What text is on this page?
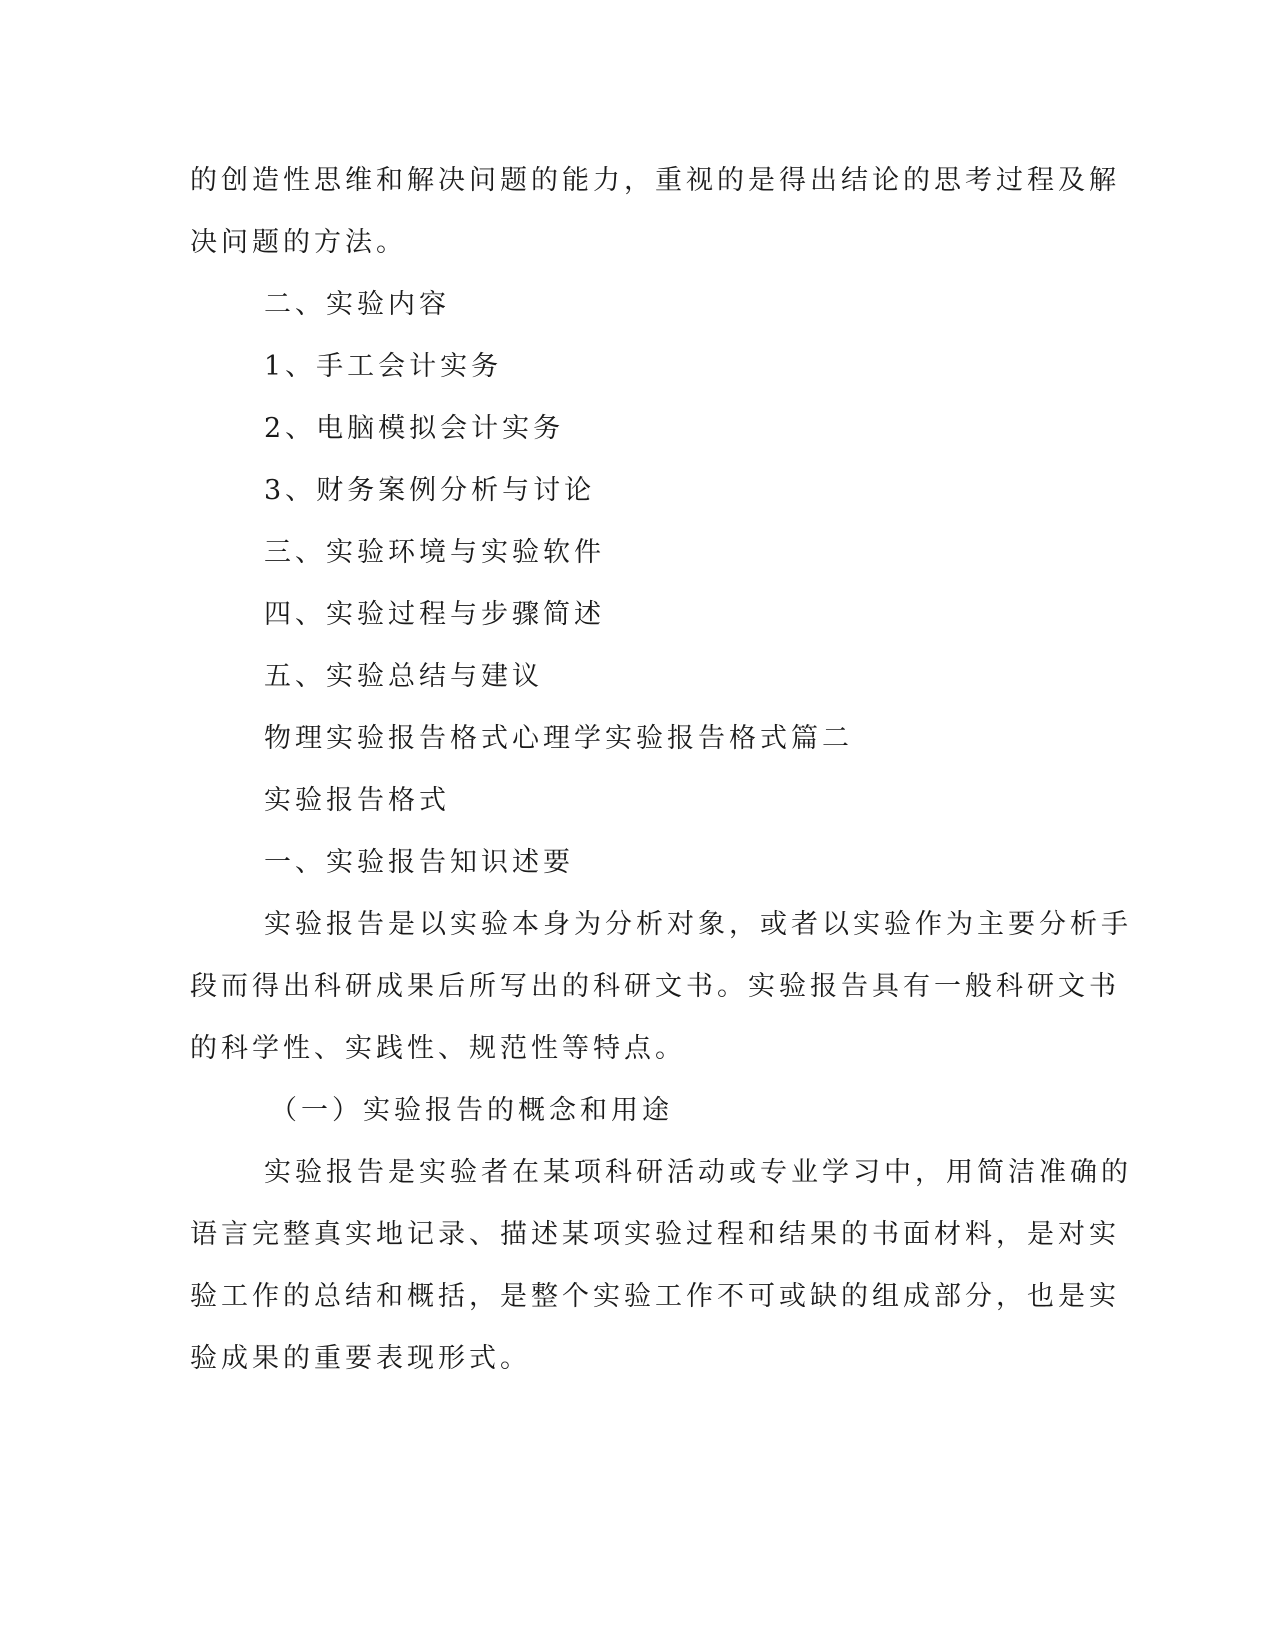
的创造性思维和解决问题的能力，重视的是得出结论的思考过程及解
决问题的方法。
二、实验内容
1、手工会计实务
2、电脑模拟会计实务
3、财务案例分析与讨论
三、实验环境与实验软件
四、实验过程与步骤简述
五、实验总结与建议
物理实验报告格式心理学实验报告格式篇二
实验报告格式
一、实验报告知识述要
实验报告是以实验本身为分析对象，或者以实验作为主要分析手
段而得出科研成果后所写出的科研文书。实验报告具有一般科研文书
的科学性、实践性、规范性等特点。
（一）实验报告的概念和用途
实验报告是实验者在某项科研活动或专业学习中，用简洁准确的
语言完整真实地记录、描述某项实验过程和结果的书面材料，是对实
验工作的总结和概括，是整个实验工作不可或缺的组成部分，也是实
验成果的重要表现形式。
